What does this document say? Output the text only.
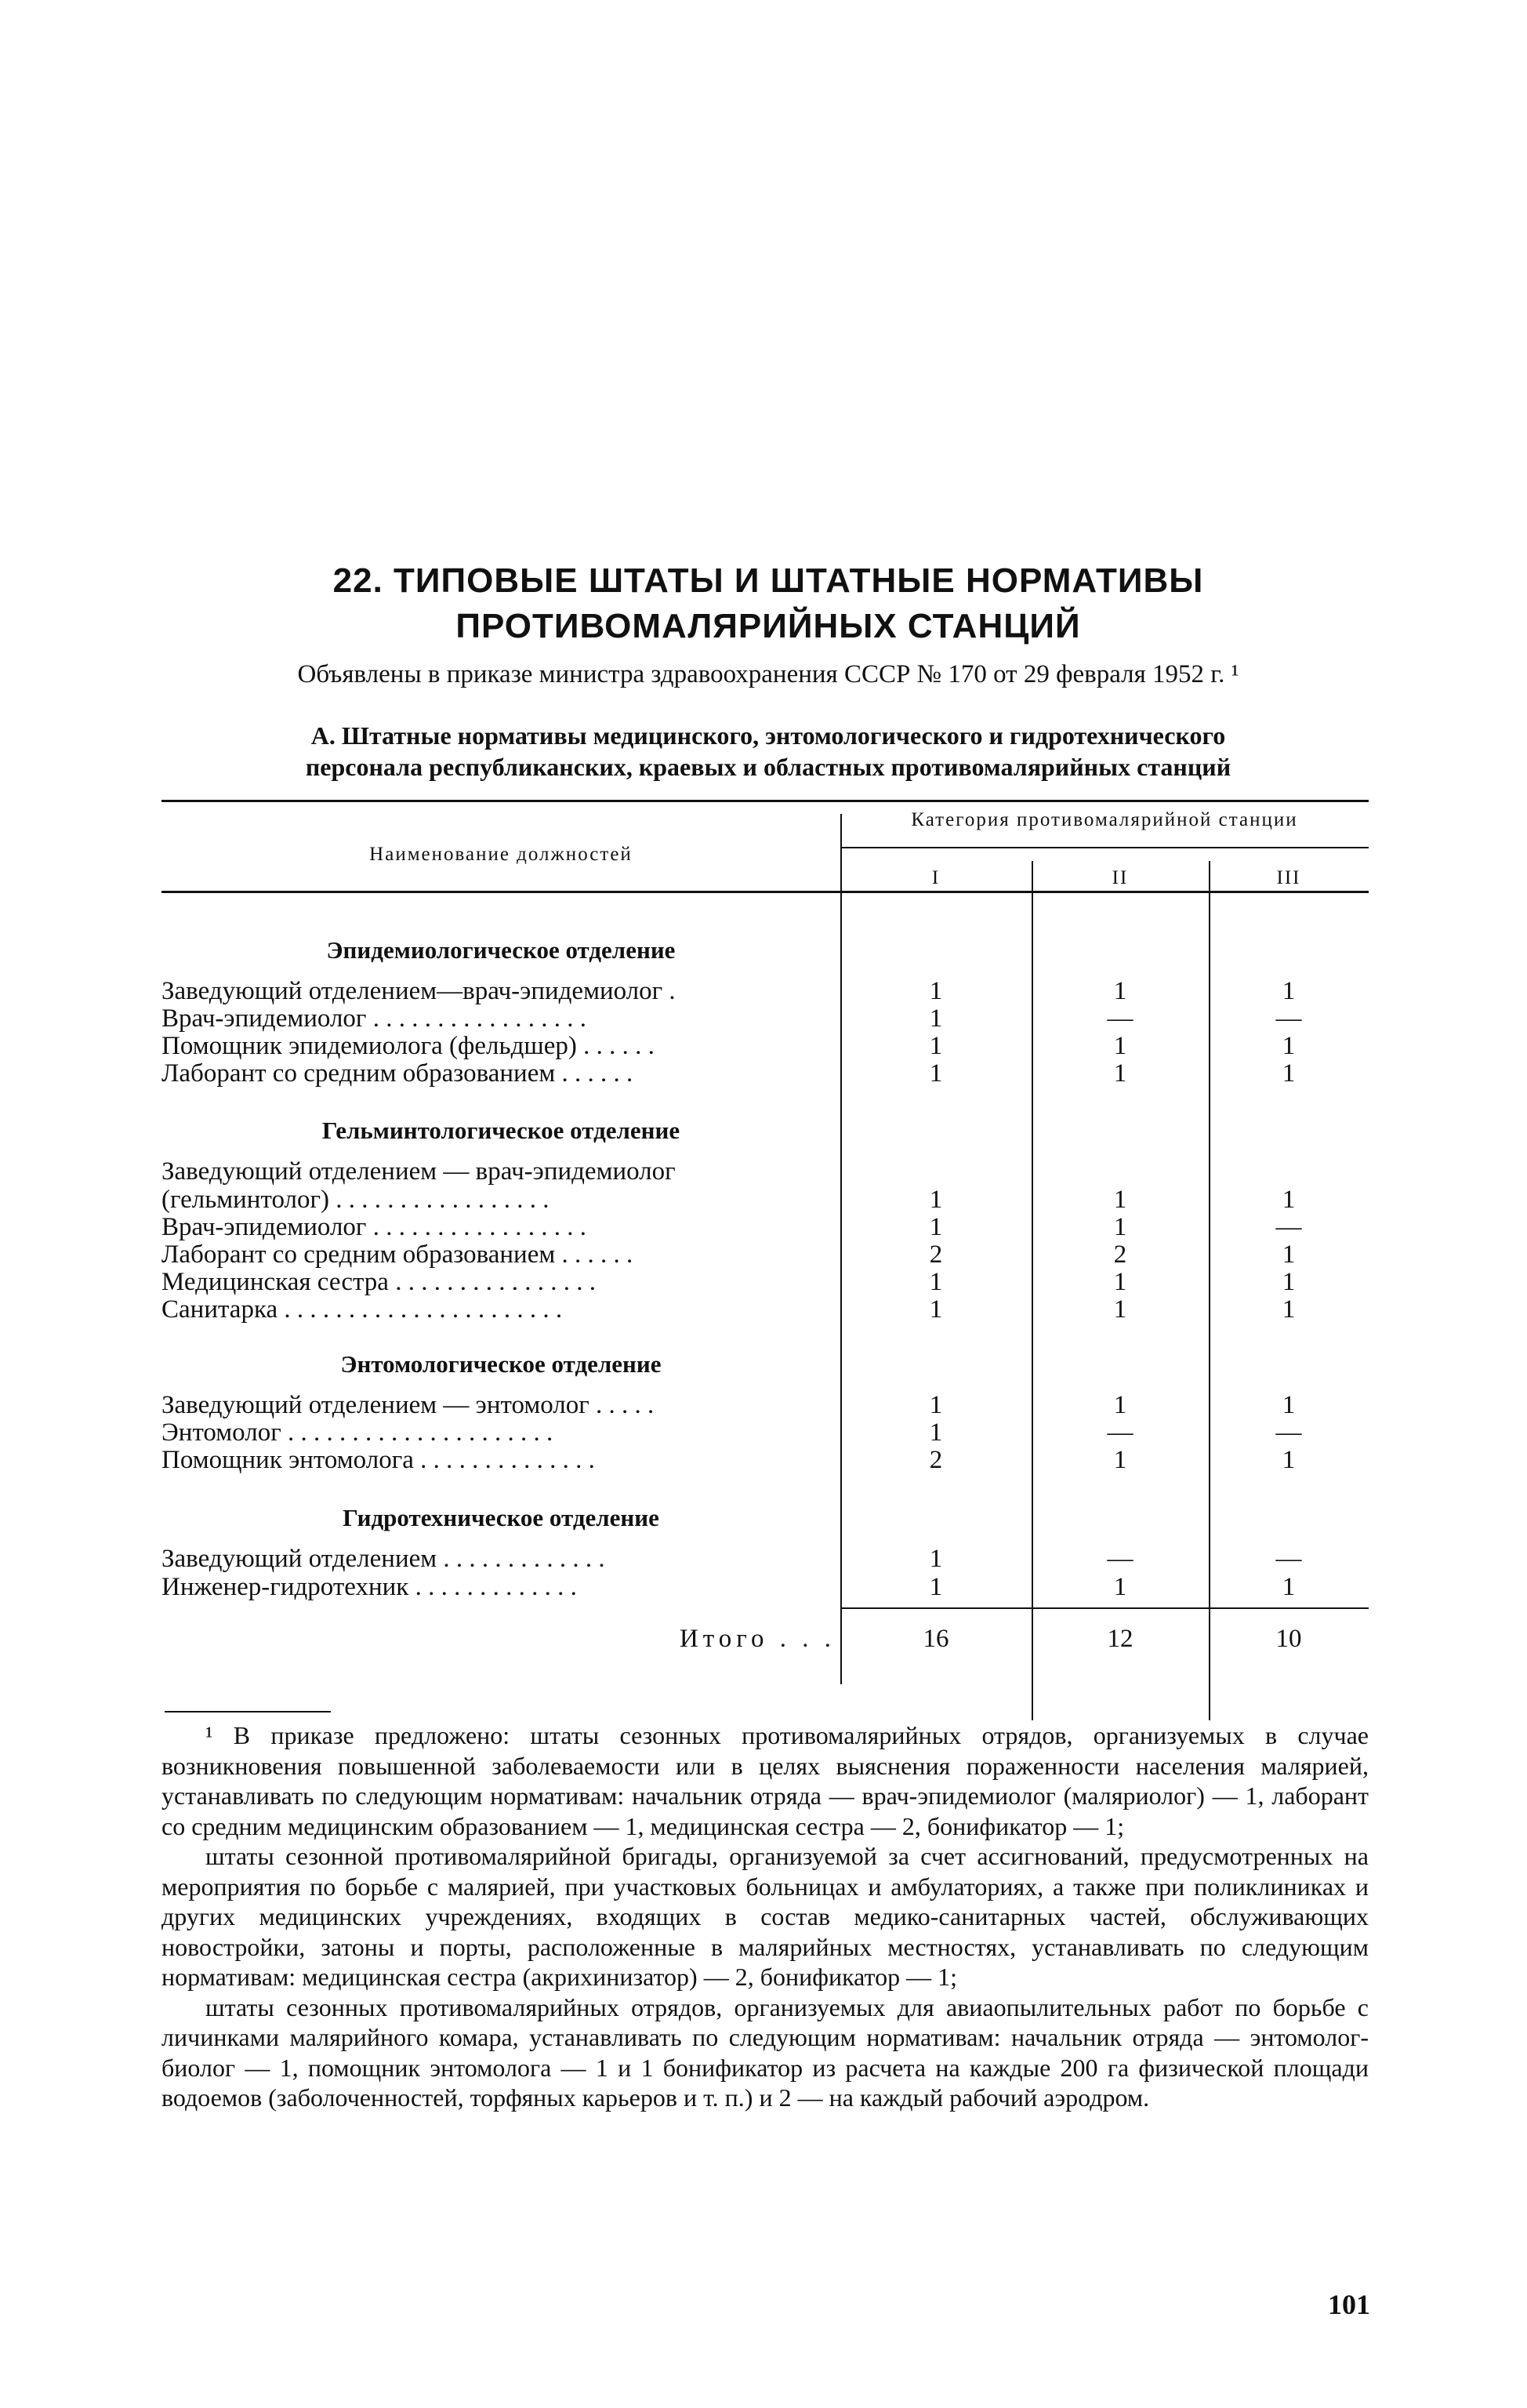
22. ТИПОВЫЕ ШТАТЫ И ШТАТНЫЕ НОРМАТИВЫ
ПРОТИВОМАЛЯРИЙНЫХ СТАНЦИЙ
Объявлены в приказе министра здравоохранения СССР № 170 от 29 февраля 1952 г. ¹
А. Штатные нормативы медицинского, энтомологического и гидротехнического
персонала республиканских, краевых и областных противомалярийных станций
Наименование должностей
Категория противомалярийной станции
I	II	III
Эпидемиологическое отделение
Заведующий отделением—врач-эпидемиолог .	1	1	1
Врач-эпидемиолог . . . . . . . . . . . . . . . . .	1	—	—
Помощник эпидемиолога (фельдшер) . . . . . .	1	1	1
Лаборант со средним образованием . . . . . .	1	1	1
Гельминтологическое отделение
Заведующий отделением — врач-эпидемиолог
(гельминтолог) . . . . . . . . . . . . . . . . .	1	1	1
Врач-эпидемиолог . . . . . . . . . . . . . . . . .	1	1	—
Лаборант со средним образованием . . . . . .	2	2	1
Медицинская сестра . . . . . . . . . . . . . . . .	1	1	1
Санитарка . . . . . . . . . . . . . . . . . . . . . .	1	1	1
Энтомологическое отделение
Заведующий отделением — энтомолог . . . . .	1	1	1
Энтомолог . . . . . . . . . . . . . . . . . . . . .	1	—	—
Помощник энтомолога . . . . . . . . . . . . . .	2	1	1
Гидротехническое отделение
Заведующий отделением . . . . . . . . . . . . .	1	—	—
Инженер-гидротехник . . . . . . . . . . . . .	1	1	1
Итого . . .	16	12	10

¹ В приказе предложено: штаты сезонных противомалярийных отрядов, организуемых в случае возникновения повышенной заболеваемости или в целях выяснения пораженности населения малярией, устанавливать по следующим нормативам: начальник отряда — врач-эпидемиолог (маляриолог) — 1, лаборант со средним медицинским образованием — 1, медицинская сестра — 2, бонификатор — 1;

штаты сезонной противомалярийной бригады, организуемой за счет ассигнований, предусмотренных на мероприятия по борьбе с малярией, при участковых больницах и амбулаториях, а также при поликлиниках и других медицинских учреждениях, входящих в состав медико-санитарных частей, обслуживающих новостройки, затоны и порты, расположенные в малярийных местностях, устанавливать по следующим нормативам: медицинская сестра (акрихинизатор) — 2, бонификатор — 1;

штаты сезонных противомалярийных отрядов, организуемых для авиаопылительных работ по борьбе с личинками малярийного комара, устанавливать по следующим нормативам: начальник отряда — энтомолог-биолог — 1, помощник энтомолога — 1 и 1 бонификатор из расчета на каждые 200 га физической площади водоемов (заболоченностей, торфяных карьеров и т. п.) и 2 — на каждый рабочий аэродром.

101
